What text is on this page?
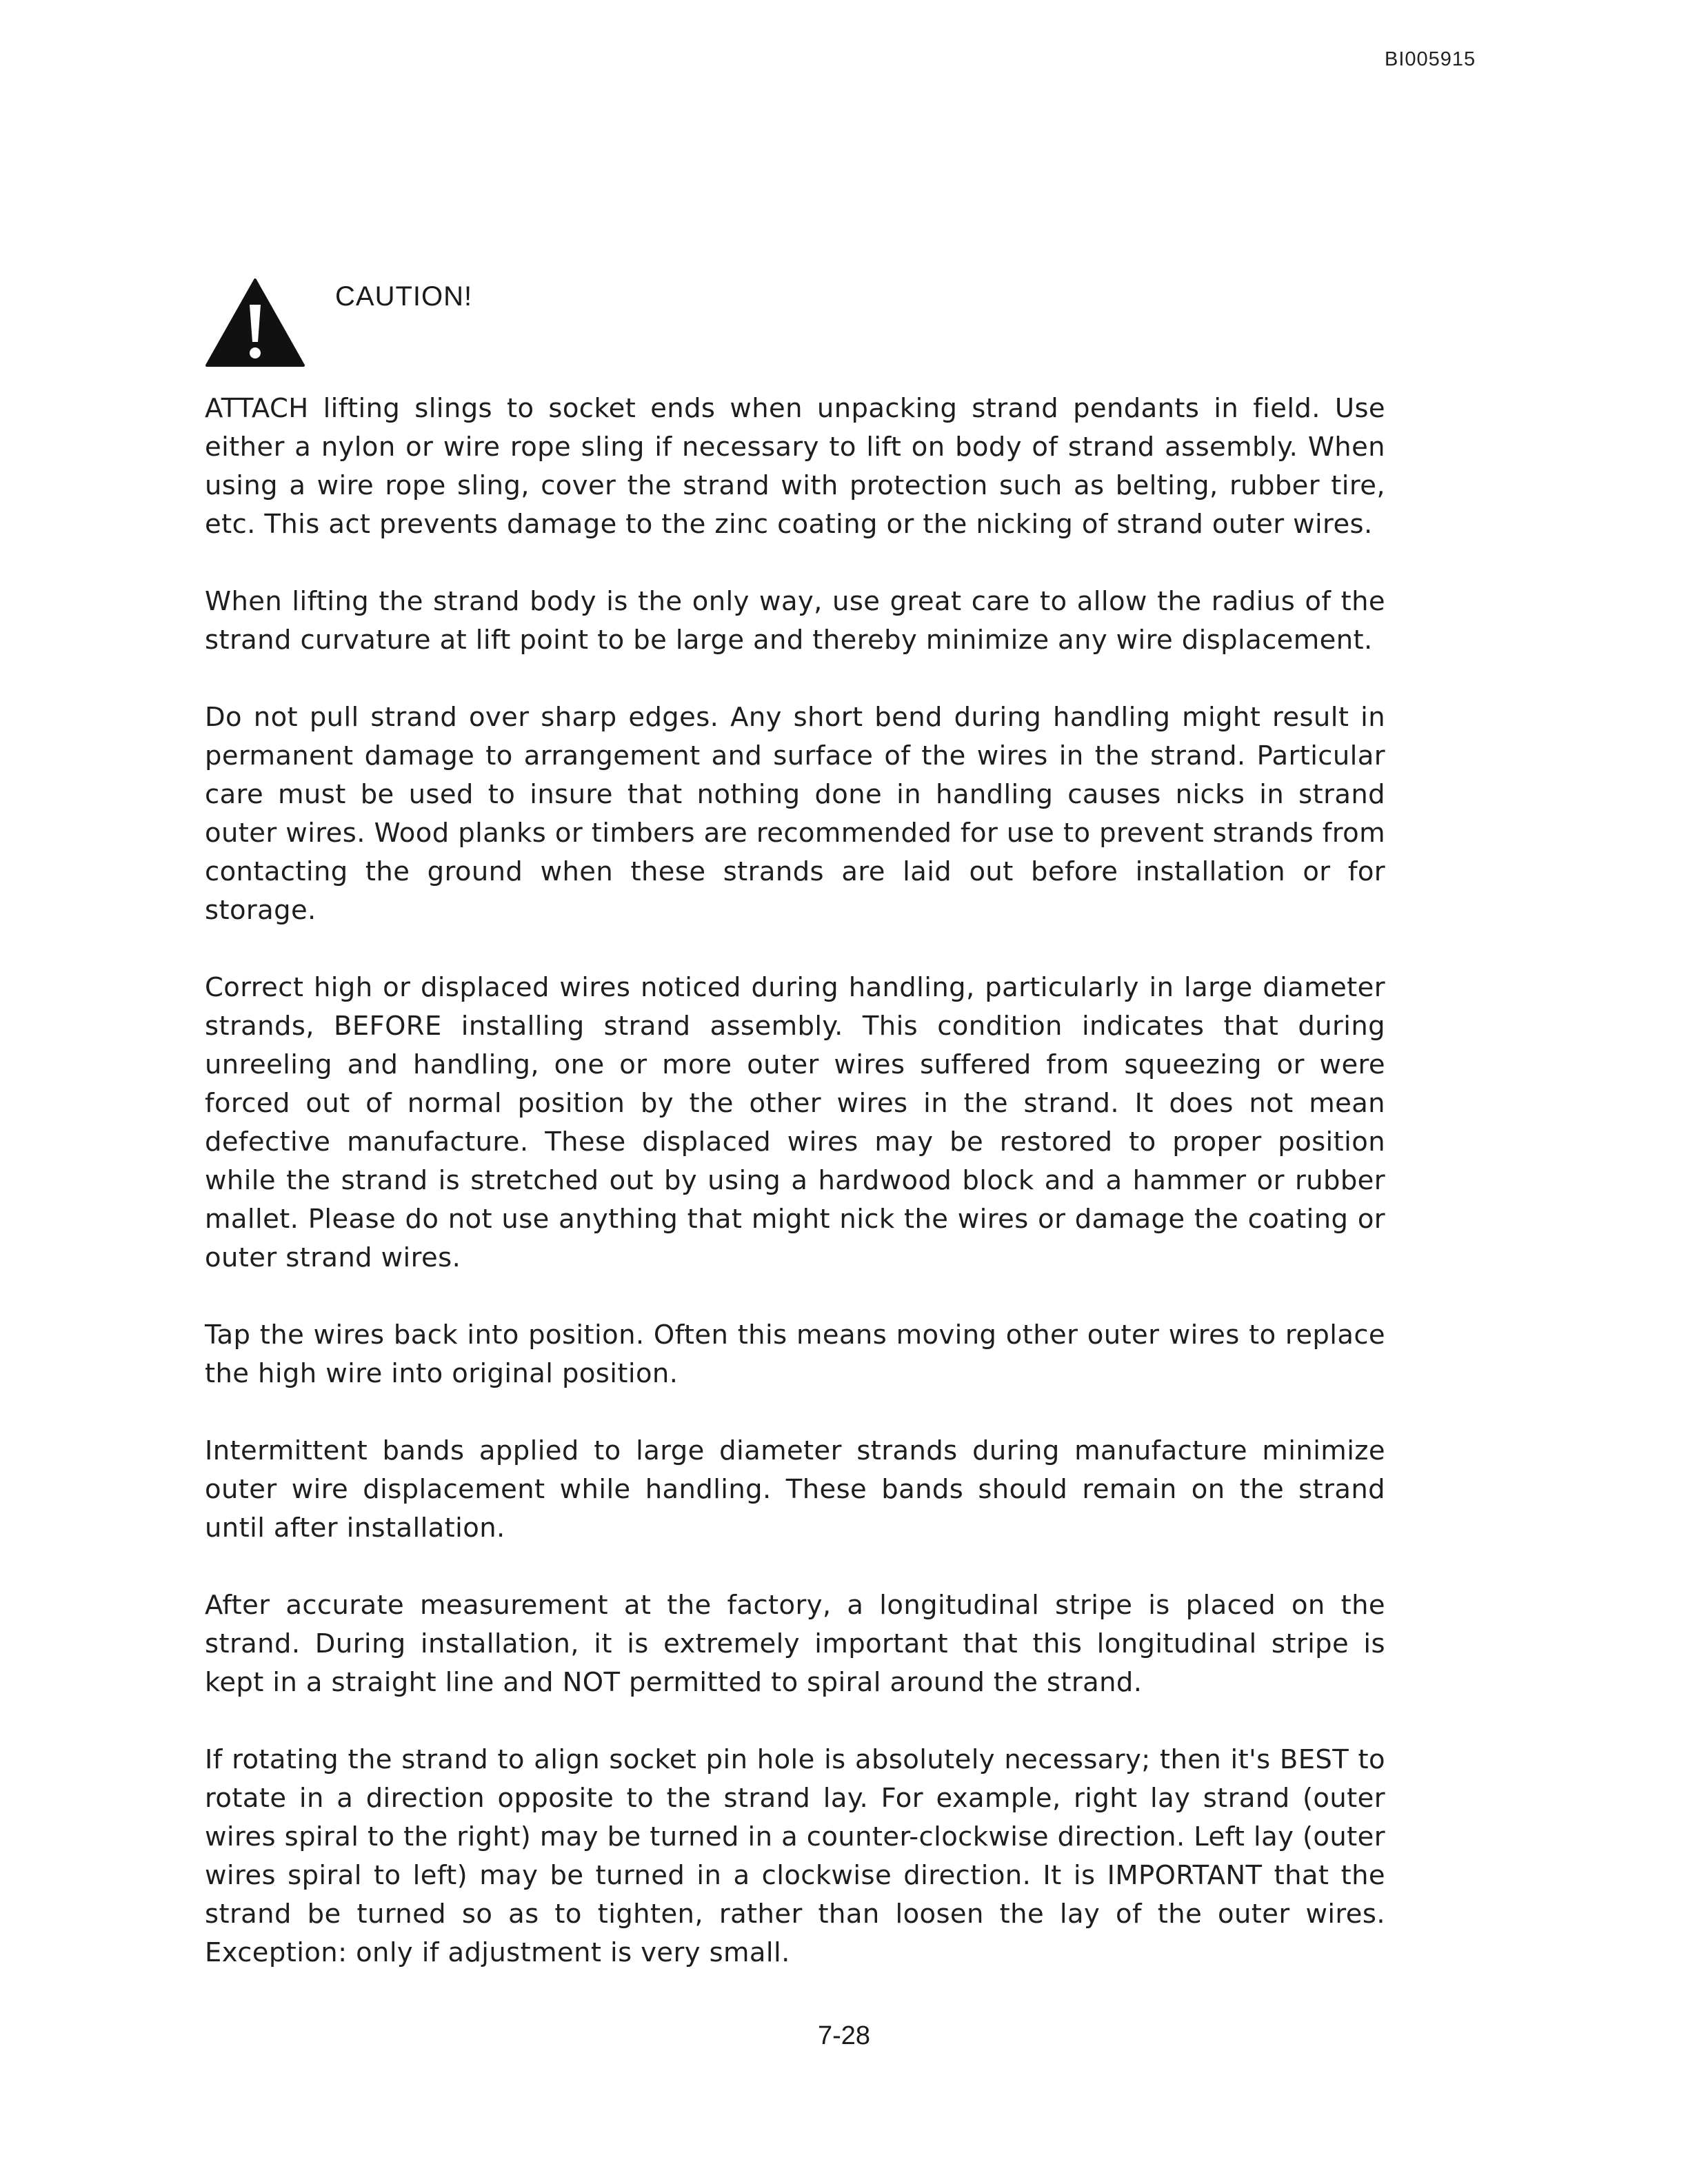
BI005915
CAUTION!

ATTACH lifting slings to socket ends when unpacking strand pendants in field. Use either a nylon or wire rope sling if necessary to lift on body of strand assembly. When using a wire rope sling, cover the strand with protection such as belting, rubber tire, etc. This act prevents damage to the zinc coating or the nicking of strand outer wires.

When lifting the strand body is the only way, use great care to allow the radius of the strand curvature at lift point to be large and thereby minimize any wire displacement.

Do not pull strand over sharp edges. Any short bend during handling might result in permanent damage to arrangement and surface of the wires in the strand. Particular care must be used to insure that nothing done in handling causes nicks in strand outer wires. Wood planks or timbers are recommended for use to prevent strands from contacting the ground when these strands are laid out before installation or for storage.

Correct high or displaced wires noticed during handling, particularly in large diameter strands, BEFORE installing strand assembly. This condition indicates that during unreeling and handling, one or more outer wires suffered from squeezing or were forced out of normal position by the other wires in the strand. It does not mean defective manufacture. These displaced wires may be restored to proper position while the strand is stretched out by using a hardwood block and a hammer or rubber mallet. Please do not use anything that might nick the wires or damage the coating or outer strand wires.

Tap the wires back into position. Often this means moving other outer wires to replace the high wire into original position.

Intermittent bands applied to large diameter strands during manufacture minimize outer wire displacement while handling. These bands should remain on the strand until after installation.

After accurate measurement at the factory, a longitudinal stripe is placed on the strand. During installation, it is extremely important that this longitudinal stripe is kept in a straight line and NOT permitted to spiral around the strand.

If rotating the strand to align socket pin hole is absolutely necessary; then it's BEST to rotate in a direction opposite to the strand lay. For example, right lay strand (outer wires spiral to the right) may be turned in a counter-clockwise direction. Left lay (outer wires spiral to left) may be turned in a clockwise direction. It is IMPORTANT that the strand be turned so as to tighten, rather than loosen the lay of the outer wires. Exception: only if adjustment is very small.

7-28
